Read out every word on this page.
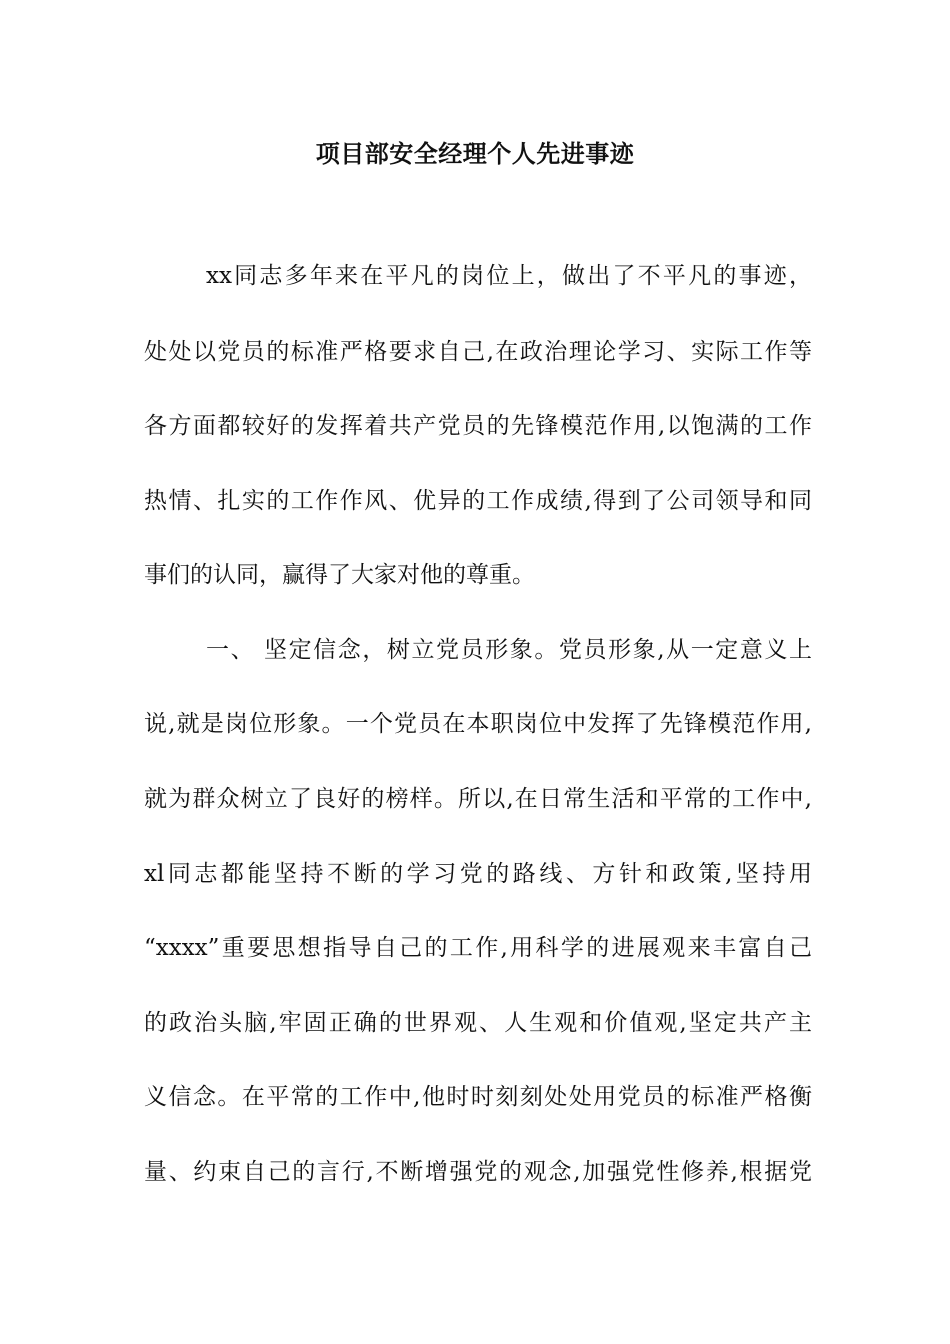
项目部安全经理个人先进事迹
xx同志多年来在平凡的岗位上，做出了不平凡的事迹，
处处以党员的标准严格要求自己,在政治理论学习、实际工作等
各方面都较好的发挥着共产党员的先锋模范作用,以饱满的工作
热情、扎实的工作作风、优异的工作成绩,得到了公司领导和同
事们的认同，赢得了大家对他的尊重。
一、 坚定信念，树立党员形象。党员形象,从一定意义上
说,就是岗位形象。一个党员在本职岗位中发挥了先锋模范作用,
就为群众树立了良好的榜样。所以,在日常生活和平常的工作中,
xl同志都能坚持不断的学习党的路线、方针和政策,坚持用
“xxxx”重要思想指导自己的工作,用科学的进展观来丰富自己
的政治头脑,牢固正确的世界观、人生观和价值观,坚定共产主
义信念。在平常的工作中,他时时刻刻处处用党员的标准严格衡
量、约束自己的言行,不断增强党的观念,加强党性修养,根据党
